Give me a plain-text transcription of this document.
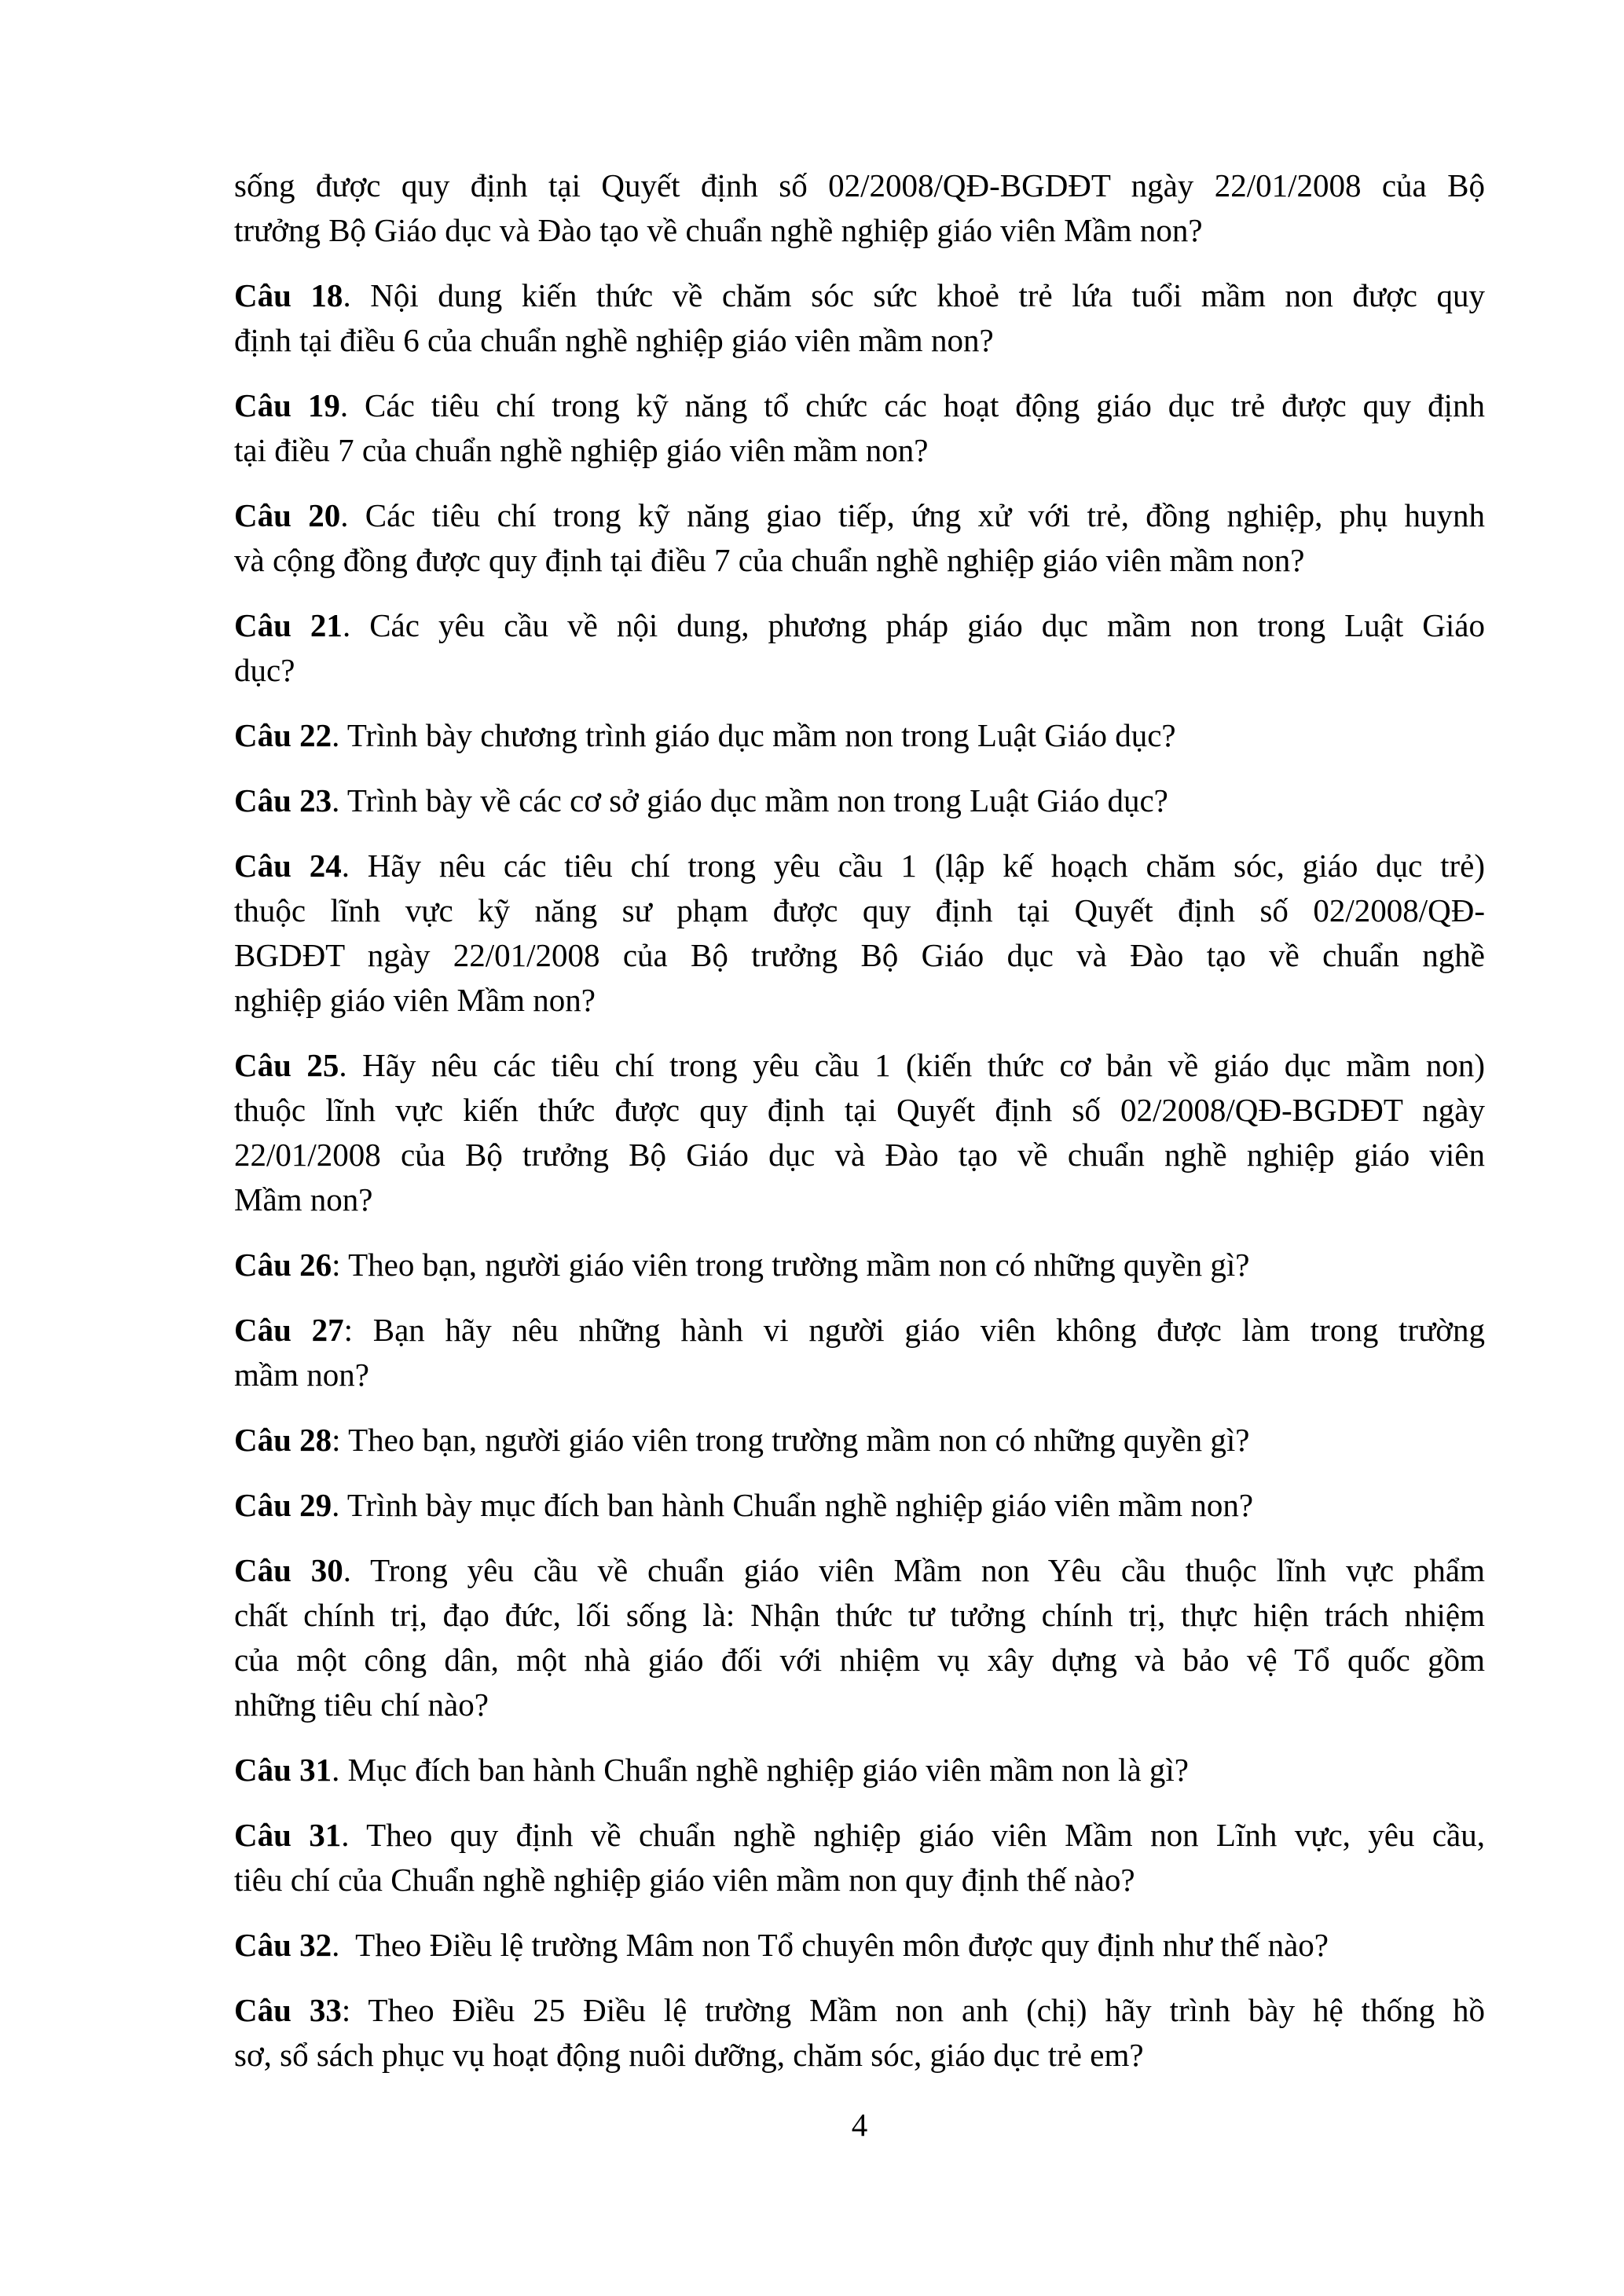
sống được quy định tại Quyết định số 02/2008/QĐ-BGDĐT ngày 22/01/2008 của Bộ
trưởng Bộ Giáo dục và Đào tạo về chuẩn nghề nghiệp giáo viên Mầm non?
Câu 18. Nội dung kiến thức về chăm sóc sức khoẻ trẻ lứa tuổi mầm non được quy
định tại điều 6 của chuẩn nghề nghiệp giáo viên mầm non?
Câu 19. Các tiêu chí trong kỹ năng tổ chức các hoạt động giáo dục trẻ được quy định
tại điều 7 của chuẩn nghề nghiệp giáo viên mầm non?
Câu 20. Các tiêu chí trong kỹ năng giao tiếp, ứng xử với trẻ, đồng nghiệp, phụ huynh
và cộng đồng được quy định tại điều 7 của chuẩn nghề nghiệp giáo viên mầm non?
Câu 21. Các yêu cầu về nội dung, phương pháp giáo dục mầm non trong Luật Giáo
dục?
Câu 22. Trình bày chương trình giáo dục mầm non trong Luật Giáo dục?
Câu 23. Trình bày về các cơ sở giáo dục mầm non trong Luật Giáo dục?
Câu 24. Hãy nêu các tiêu chí trong yêu cầu 1 (lập kế hoạch chăm sóc, giáo dục trẻ)
thuộc lĩnh vực kỹ năng sư phạm được quy định tại Quyết định số 02/2008/QĐ-
BGDĐT ngày 22/01/2008 của Bộ trưởng Bộ Giáo dục và Đào tạo về chuẩn nghề
nghiệp giáo viên Mầm non?
Câu 25. Hãy nêu các tiêu chí trong yêu cầu 1 (kiến thức cơ bản về giáo dục mầm non)
thuộc lĩnh vực kiến thức được quy định tại Quyết định số 02/2008/QĐ-BGDĐT ngày
22/01/2008 của Bộ trưởng Bộ Giáo dục và Đào tạo về chuẩn nghề nghiệp giáo viên
Mầm non?
Câu 26: Theo bạn, người giáo viên trong trường mầm non có những quyền gì?
Câu 27: Bạn hãy nêu những hành vi người giáo viên không được làm trong trường
mầm non?
Câu 28: Theo bạn, người giáo viên trong trường mầm non có những quyền gì?
Câu 29. Trình bày mục đích ban hành Chuẩn nghề nghiệp giáo viên mầm non?
Câu 30. Trong yêu cầu về chuẩn giáo viên Mầm non Yêu cầu thuộc lĩnh vực phẩm
chất chính trị, đạo đức, lối sống là: Nhận thức tư tưởng chính trị, thực hiện trách nhiệm
của một công dân, một nhà giáo đối với nhiệm vụ xây dựng và bảo vệ Tổ quốc gồm
những tiêu chí nào?
Câu 31. Mục đích ban hành Chuẩn nghề nghiệp giáo viên mầm non là gì?
Câu 31. Theo quy định về chuẩn nghề nghiệp giáo viên Mầm non Lĩnh vực, yêu cầu,
tiêu chí của Chuẩn nghề nghiệp giáo viên mầm non quy định thế nào?
Câu 32.  Theo Điều lệ trường Mâm non Tổ chuyên môn được quy định như thế nào?
Câu 33: Theo Điều 25 Điều lệ trường Mầm non anh (chị) hãy trình bày hệ thống hồ
sơ, sổ sách phục vụ hoạt động nuôi dưỡng, chăm sóc, giáo dục trẻ em?
4
